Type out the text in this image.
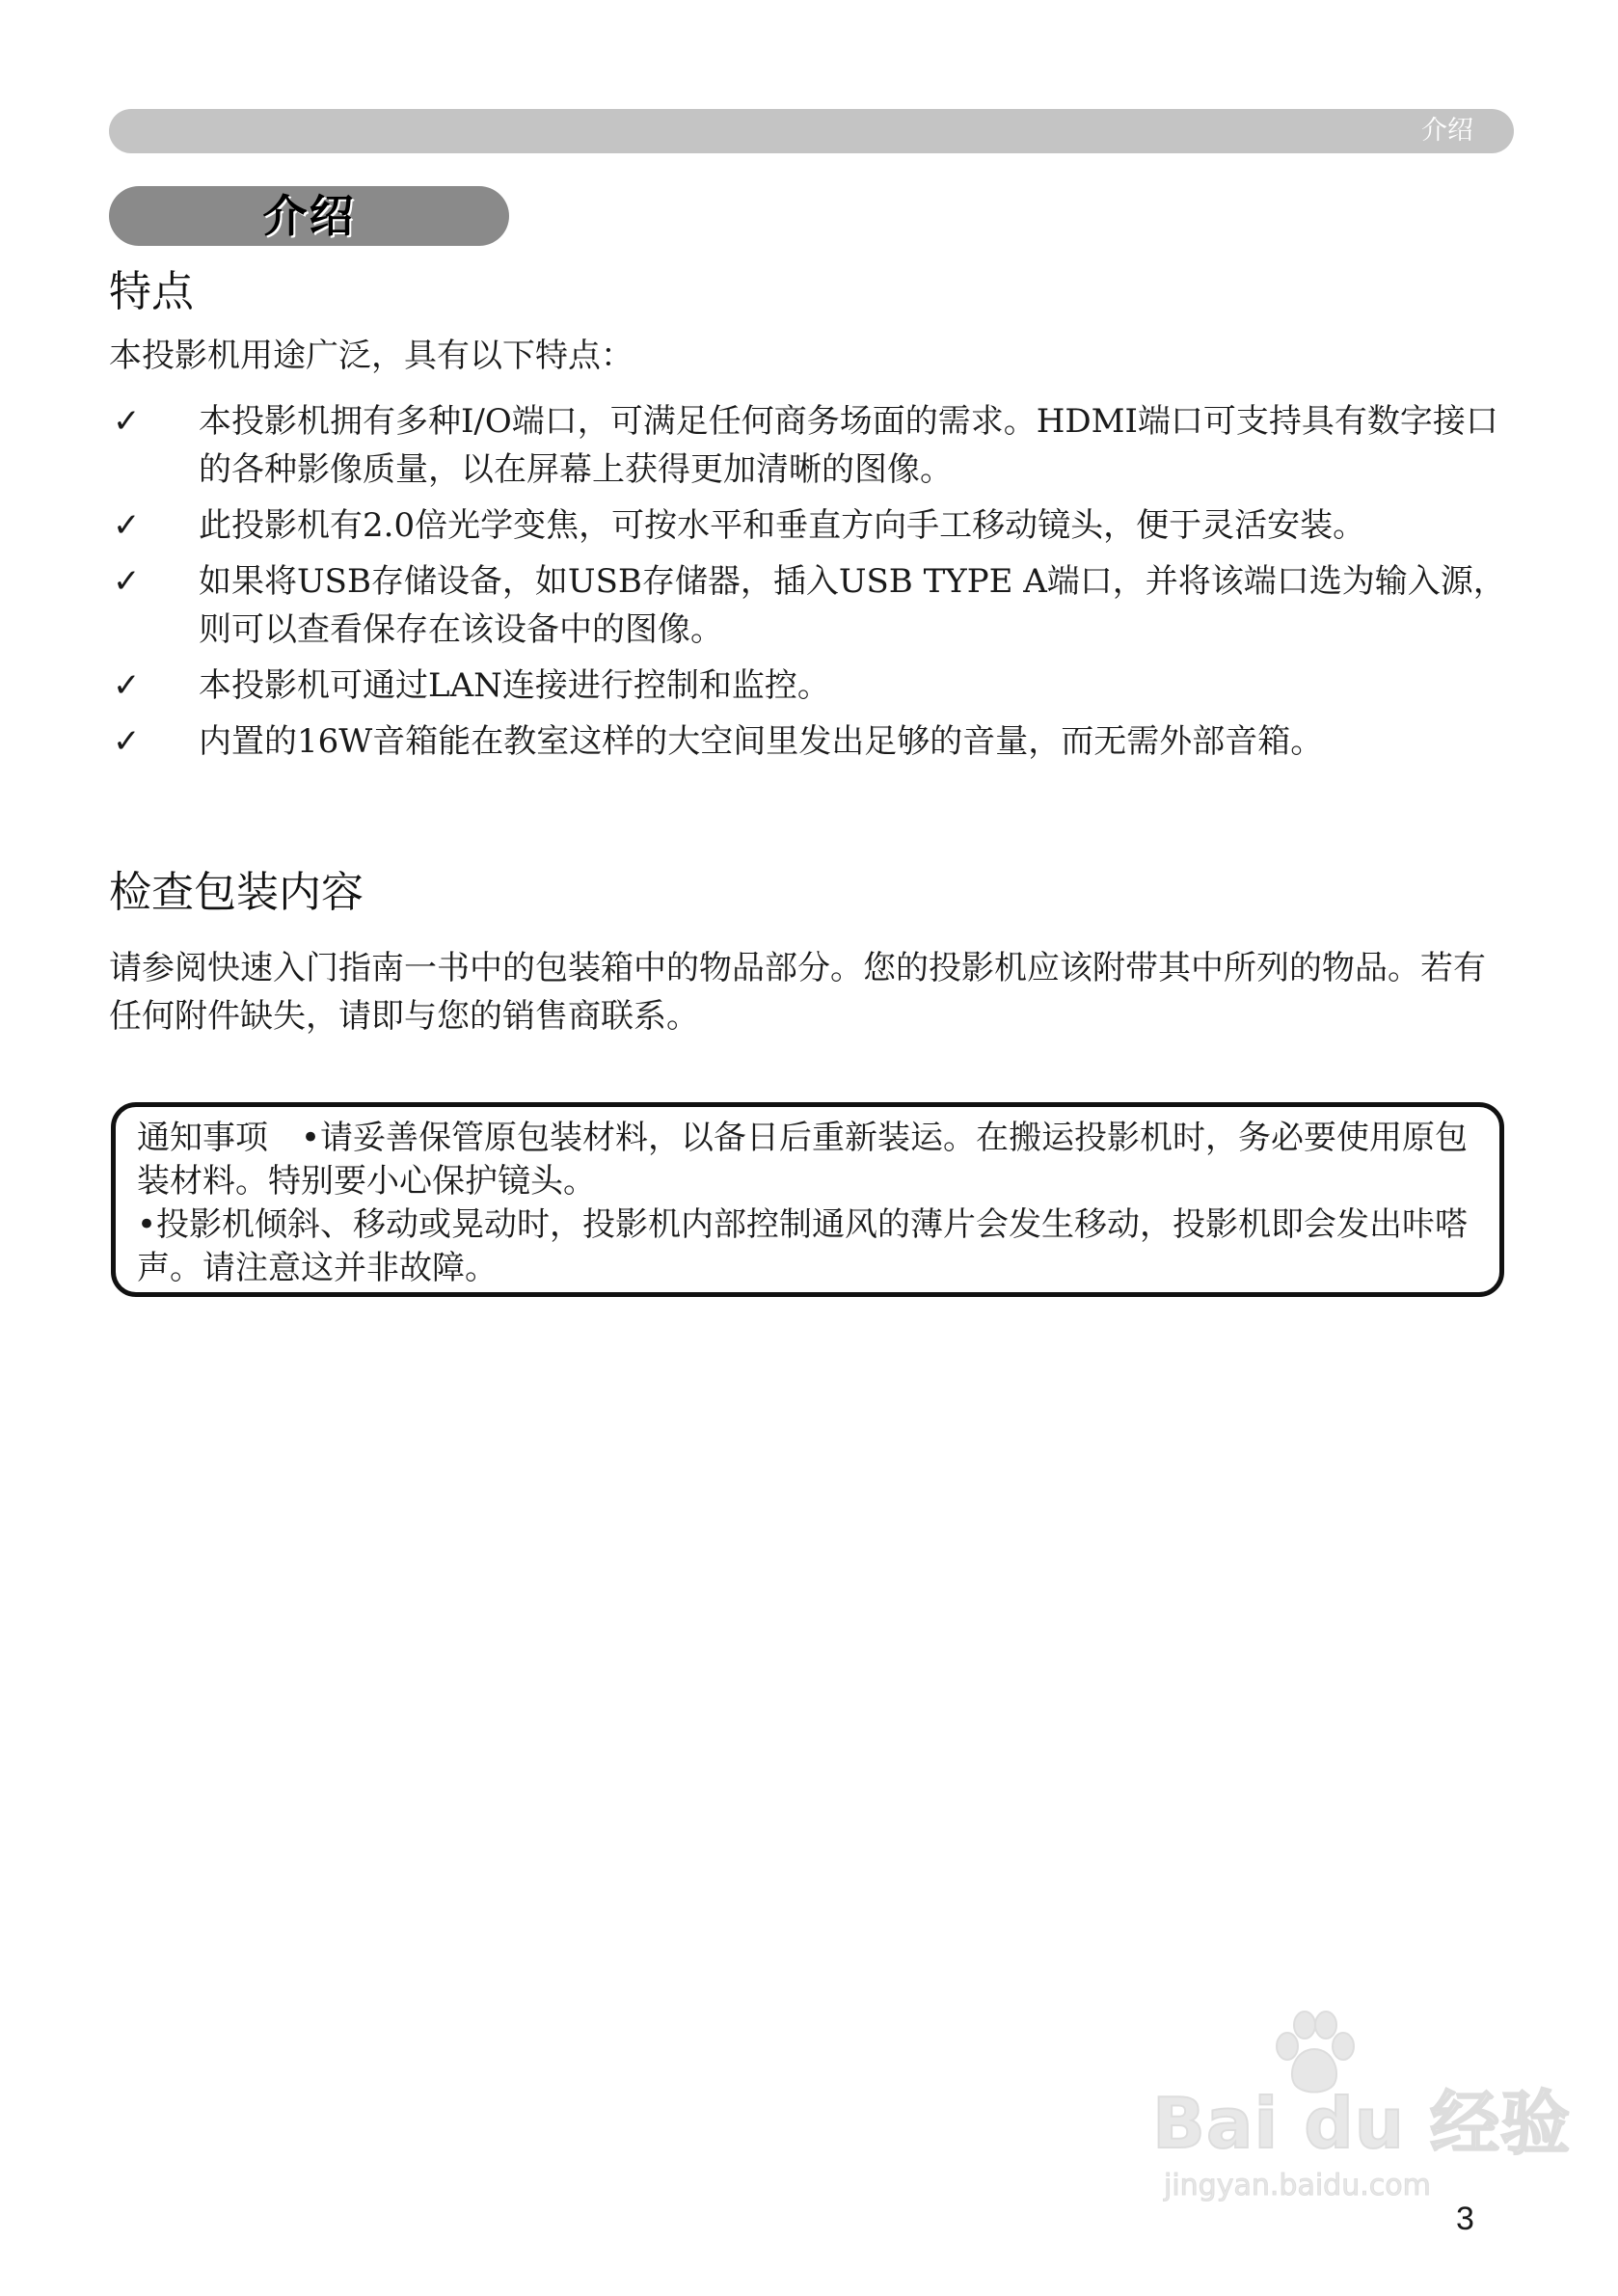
介绍
介绍
特点

本投影机用途广泛，具有以下特点：

✓ 本投影机拥有多种I/O端口，可满足任何商务场面的需求。HDMI端口可支持具有数字接口的各种影像质量，以在屏幕上获得更加清晰的图像。
✓ 此投影机有2.0倍光学变焦，可按水平和垂直方向手工移动镜头，便于灵活安装。
✓ 如果将USB存储设备，如USB存储器，插入USB TYPE A端口，并将该端口选为输入源，则可以查看保存在该设备中的图像。
✓ 本投影机可通过LAN连接进行控制和监控。
✓ 内置的16W音箱能在教室这样的大空间里发出足够的音量，而无需外部音箱。
检查包装内容

请参阅快速入门指南一书中的包装箱中的物品部分。您的投影机应该附带其中所列的物品。若有任何附件缺失，请即与您的销售商联系。

通知事项 •请妥善保管原包装材料，以备日后重新装运。在搬运投影机时，务必要使用原包装材料。特别要小心保护镜头。

•投影机倾斜、移动或晃动时，投影机内部控制通风的薄片会发生移动，投影机即会发出咔嗒声。请注意这并非故障。

Bai du 经验
jingyan.baidu.com
3
